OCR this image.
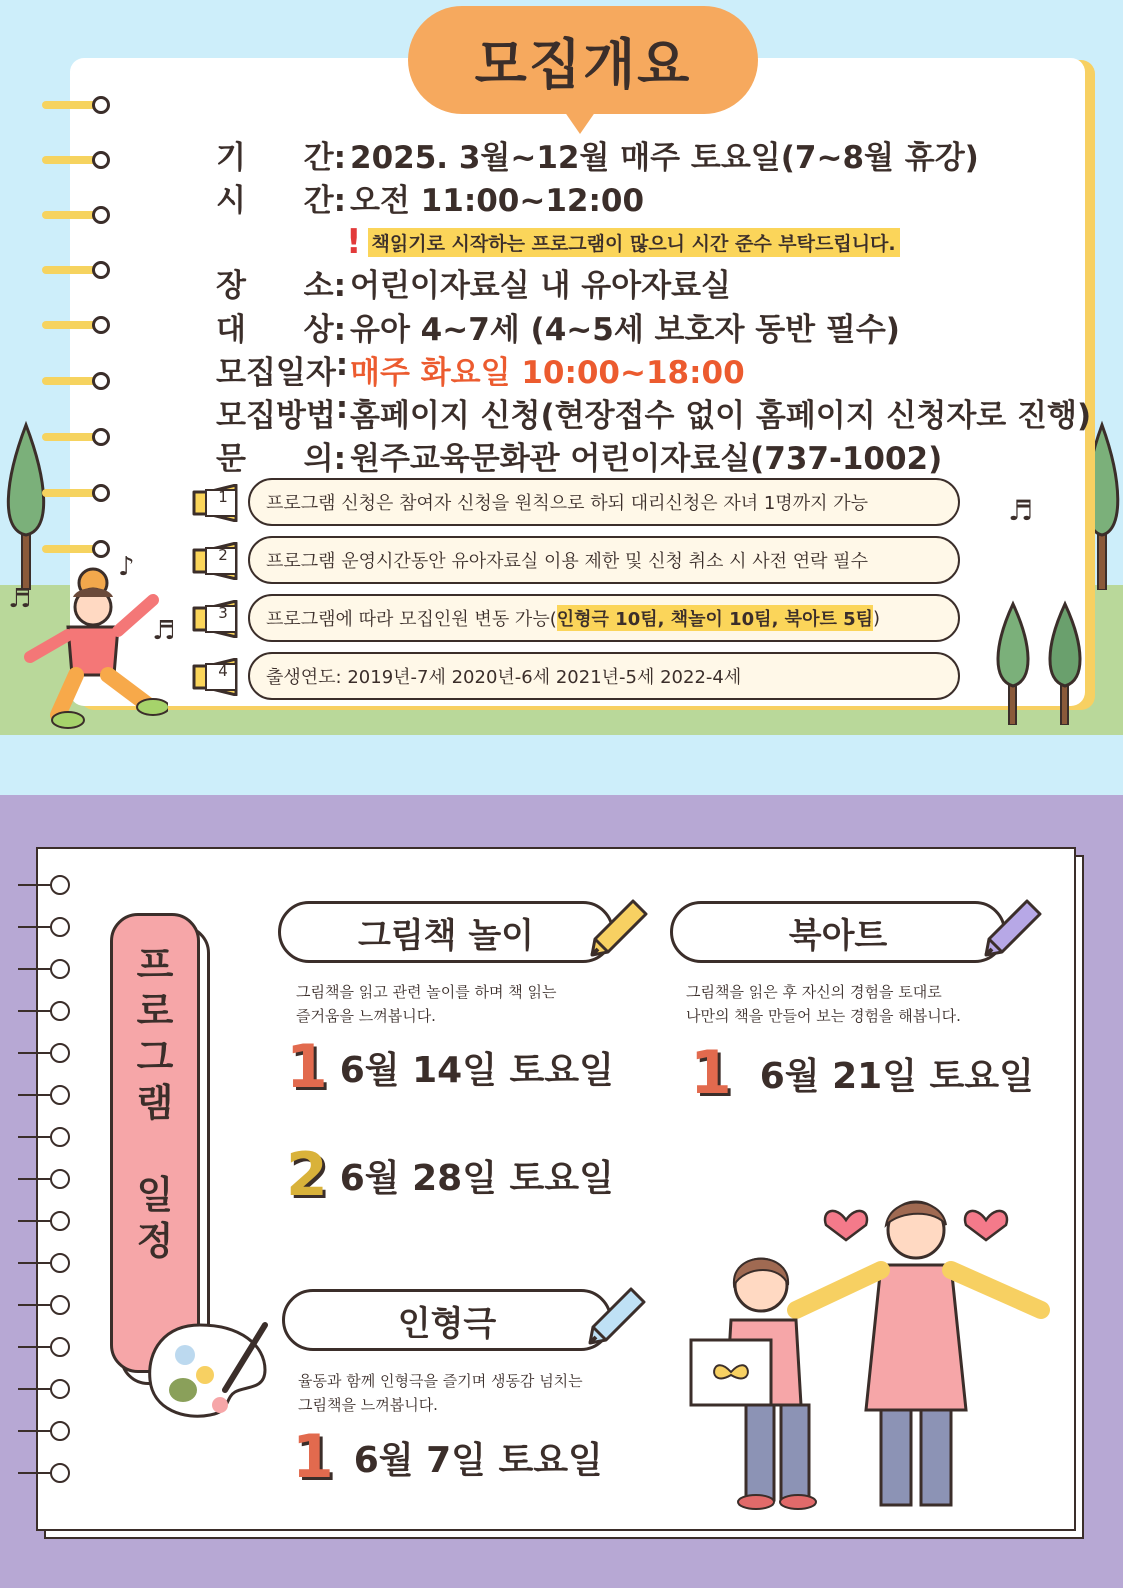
♬
♪
♬
♬
모집개요
기 간: 2025. 3월~12월 매주 토요일(7~8월 휴강)
시 간: 오전 11:00~12:00
! 책읽기로 시작하는 프로그램이 많으니 시간 준수 부탁드립니다.
장 소: 어린이자료실 내 유아자료실
대 상: 유아 4~7세 (4~5세 보호자 동반 필수)
모집일자 : 매주 화요일 10:00~18:00
모집방법 : 홈페이지 신청(현장접수 없이 홈페이지 신청자로 진행)
문 의: 원주교육문화관 어린이자료실(737-1002)
1	프로그램 신청은 참여자 신청을 원칙으로 하되 대리신청은 자녀 1명까지 가능
2	프로그램 운영시간동안 유아자료실 이용 제한 및 신청 취소 시 사전 연락 필수
3	프로그램에 따라 모집인원 변동 가능( 인형극 10팀, 책놀이 10팀, 북아트 5팀 )
4	출생연도: 2019년-7세 2020년-6세 2021년-5세 2022-4세
프
로
그
램
일
정
그림책 놀이
그림책을 읽고 관련 놀이를 하며 책 읽는
즐거움을 느껴봅니다.
1 6월 14일 토요일
2 6월 28일 토요일
북아트
그림책을 읽은 후 자신의 경험을 토대로
나만의 책을 만들어 보는 경험을 해봅니다.
1 6월 21일 토요일
인형극
율동과 함께 인형극을 즐기며 생동감 넘치는
그림책을 느껴봅니다.
1 6월 7일 토요일
